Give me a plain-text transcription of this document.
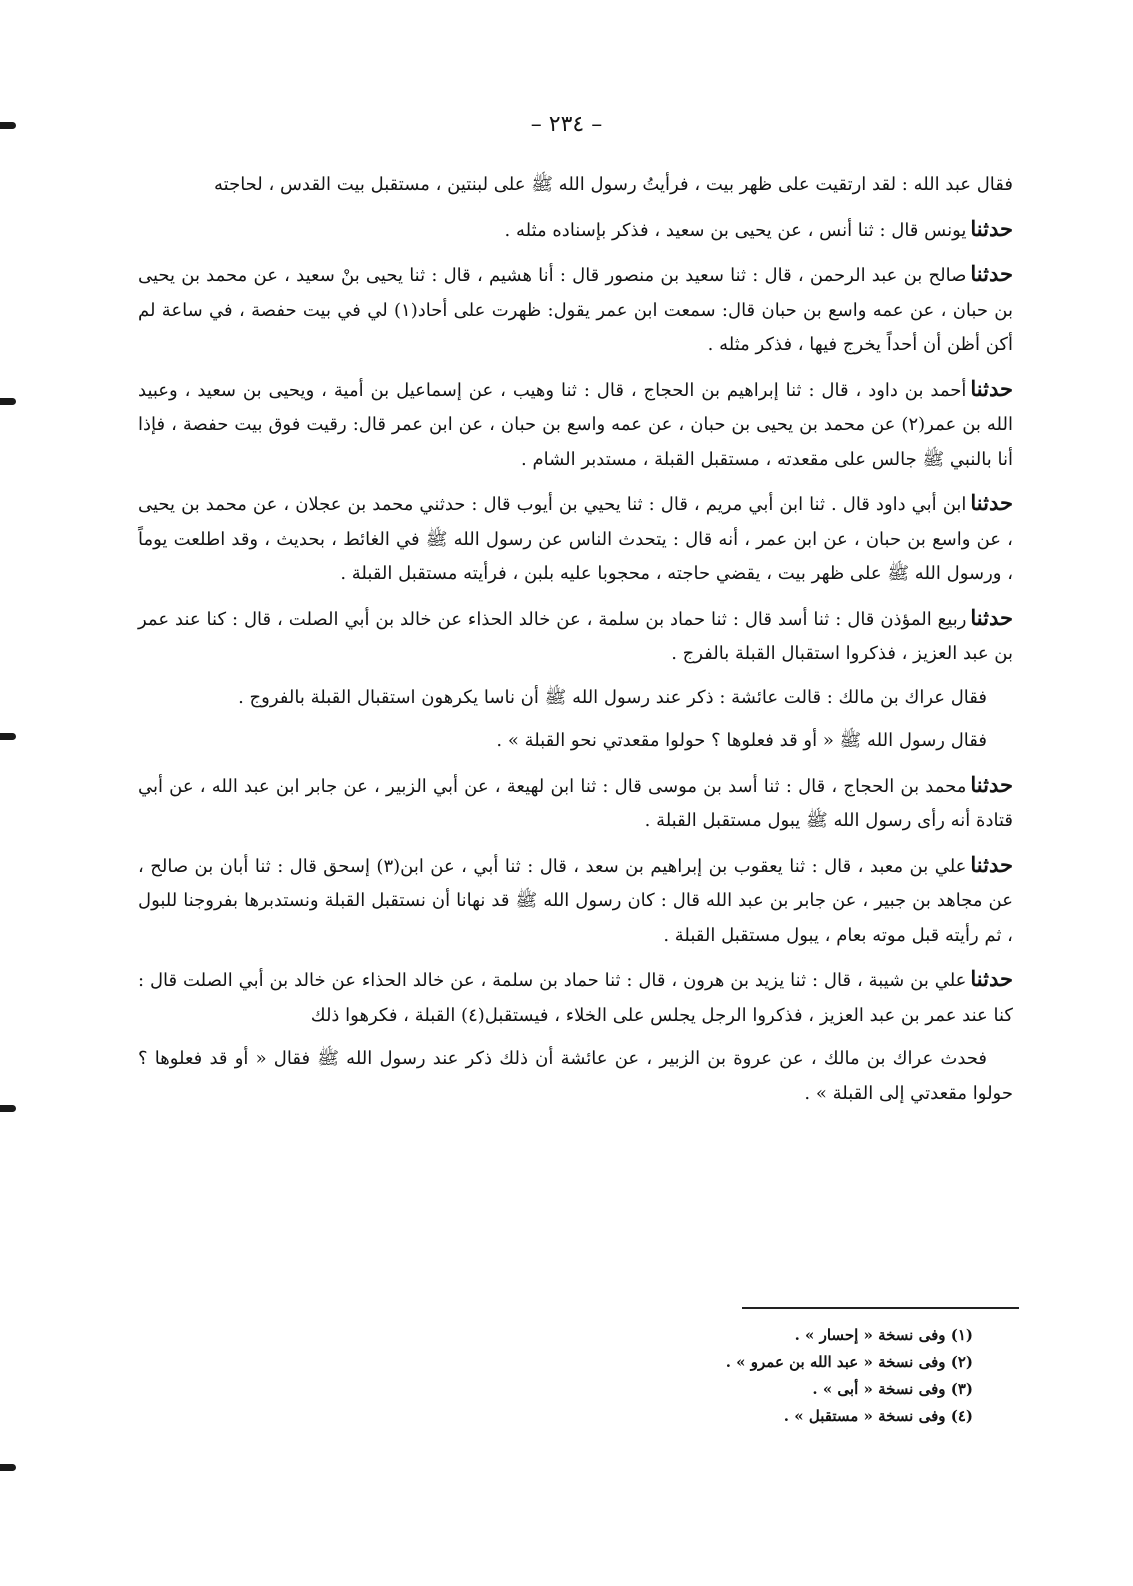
– ٢٣٤ –

فقال عبد الله : لقد ارتقيت على ظهر بيت ، فرأيتُ رسول الله ﷺ على لبنتين ، مستقبل بيت القدس ، لحاجته

حدثنايونس قال : ثنا أنس ، عن يحيى بن سعيد ، فذكر بإسناده مثله .

حدثناصالح بن عبد الرحمن ، قال : ثنا سعيد بن منصور قال : أنا هشيم ، قال : ثنا يحيى بنْ سعيد ، عن محمد بن يحيى بن حبان ، عن عمه واسع بن حبان قال: سمعت ابن عمر يقول: ظهرت على أحاد(١) لي في بيت حفصة ، في ساعة لم أكن أظن أن أحداً يخرج فيها ، فذكر مثله .

حدثناأحمد بن داود ، قال : ثنا إبراهيم بن الحجاج ، قال : ثنا وهيب ، عن إسماعيل بن أمية ، ويحيى بن سعيد ، وعبيد الله بن عمر(٢) عن محمد بن يحيى بن حبان ، عن عمه واسع بن حبان ، عن ابن عمر قال: رقيت فوق بيت حفصة ، فإذا أنا بالنبي ﷺ جالس على مقعدته ، مستقبل القبلة ، مستدبر الشام .

حدثناابن أبي داود قال . ثنا ابن أبي مريم ، قال : ثنا يحيي بن أيوب قال : حدثني محمد بن عجلان ، عن محمد بن يحيى ، عن واسع بن حبان ، عن ابن عمر ، أنه قال : يتحدث الناس عن رسول الله ﷺ في الغائط ، بحديث ، وقد اطلعت يوماً ، ورسول الله ﷺ على ظهر بيت ، يقضي حاجته ، محجوبا عليه بلبن ، فرأيته مستقبل القبلة .

حدثناربيع المؤذن قال : ثنا أسد قال : ثنا حماد بن سلمة ، عن خالد الحذاء عن خالد بن أبي الصلت ، قال : كنا عند عمر بن عبد العزيز ، فذكروا استقبال القبلة بالفرج .

فقال عراك بن مالك : قالت عائشة : ذكر عند رسول الله ﷺ أن ناسا يكرهون استقبال القبلة بالفروج .

فقال رسول الله ﷺ « أو قد فعلوها ؟ حولوا مقعدتي نحو القبلة » .

حدثنامحمد بن الحجاج ، قال : ثنا أسد بن موسى قال : ثنا ابن لهيعة ، عن أبي الزبير ، عن جابر ابن عبد الله ، عن أبي قتادة أنه رأى رسول الله ﷺ يبول مستقبل القبلة .

حدثناعلي بن معبد ، قال : ثنا يعقوب بن إبراهيم بن سعد ، قال : ثنا أبي ، عن ابن(٣) إسحق قال : ثنا أبان بن صالح ، عن مجاهد بن جبير ، عن جابر بن عبد الله قال : كان رسول الله ﷺ قد نهانا أن نستقبل القبلة ونستدبرها بفروجنا للبول ، ثم رأيته قبل موته بعام ، يبول مستقبل القبلة .

حدثناعلي بن شيبة ، قال : ثنا يزيد بن هرون ، قال : ثنا حماد بن سلمة ، عن خالد الحذاء عن خالد بن أبي الصلت قال : كنا عند عمر بن عبد العزيز ، فذكروا الرجل يجلس على الخلاء ، فيستقبل(٤) القبلة ، فكرهوا ذلك

فحدث عراك بن مالك ، عن عروة بن الزبير ، عن عائشة أن ذلك ذكر عند رسول الله ﷺ فقال « أو قد فعلوها ؟ حولوا مقعدتي إلى القبلة » .

(١) وفى نسخة « إحسار » .
(٢) وفى نسخة « عبد الله بن عمرو » .
(٣) وفى نسخة « أبى » .
(٤) وفى نسخة « مستقبل » .
